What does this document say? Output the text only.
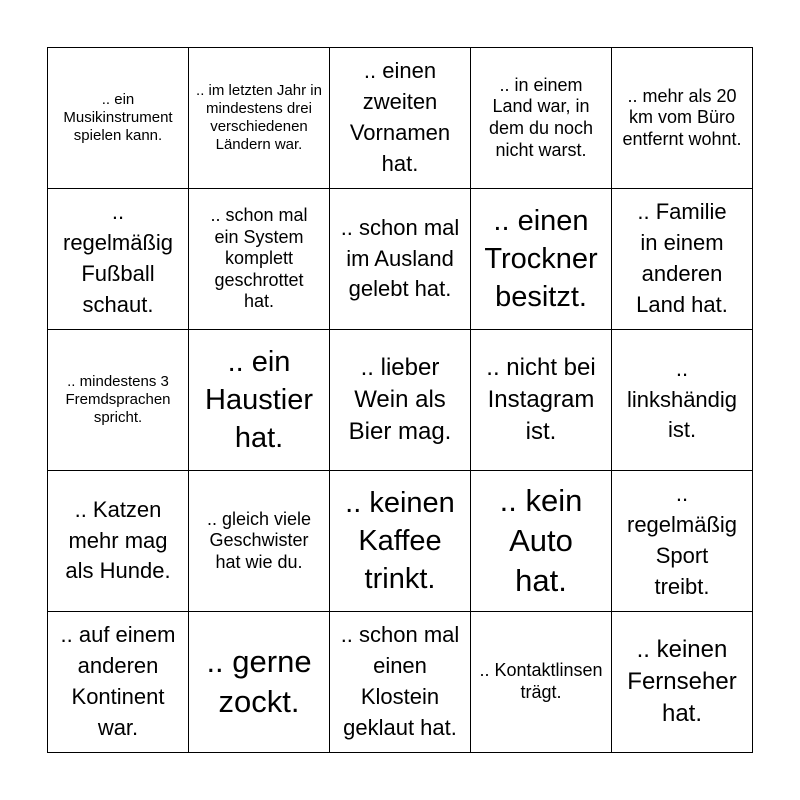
.. ein Musikinstrument spielen kann.
.. im letzten Jahr in mindestens drei verschiedenen Ländern war.
.. einen zweiten Vornamen hat.
.. in einem Land war, in dem du noch nicht warst.
.. mehr als 20 km vom Büro entfernt wohnt.
.. regelmäßig Fußball schaut.
.. schon mal ein System komplett geschrottet hat.
.. schon mal im Ausland gelebt hat.
.. einen Trockner besitzt.
.. Familie in einem anderen Land hat.
.. mindestens 3 Fremdsprachen spricht.
.. ein Haustier hat.
.. lieber Wein als Bier mag.
.. nicht bei Instagram ist.
.. linkshändig ist.
.. Katzen mehr mag als Hunde.
.. gleich viele Geschwister hat wie du.
.. keinen Kaffee trinkt.
.. kein Auto hat.
.. regelmäßig Sport treibt.
.. auf einem anderen Kontinent war.
.. gerne zockt.
.. schon mal einen Klostein geklaut hat.
.. Kontaktlinsen trägt.
.. keinen Fernseher hat.
